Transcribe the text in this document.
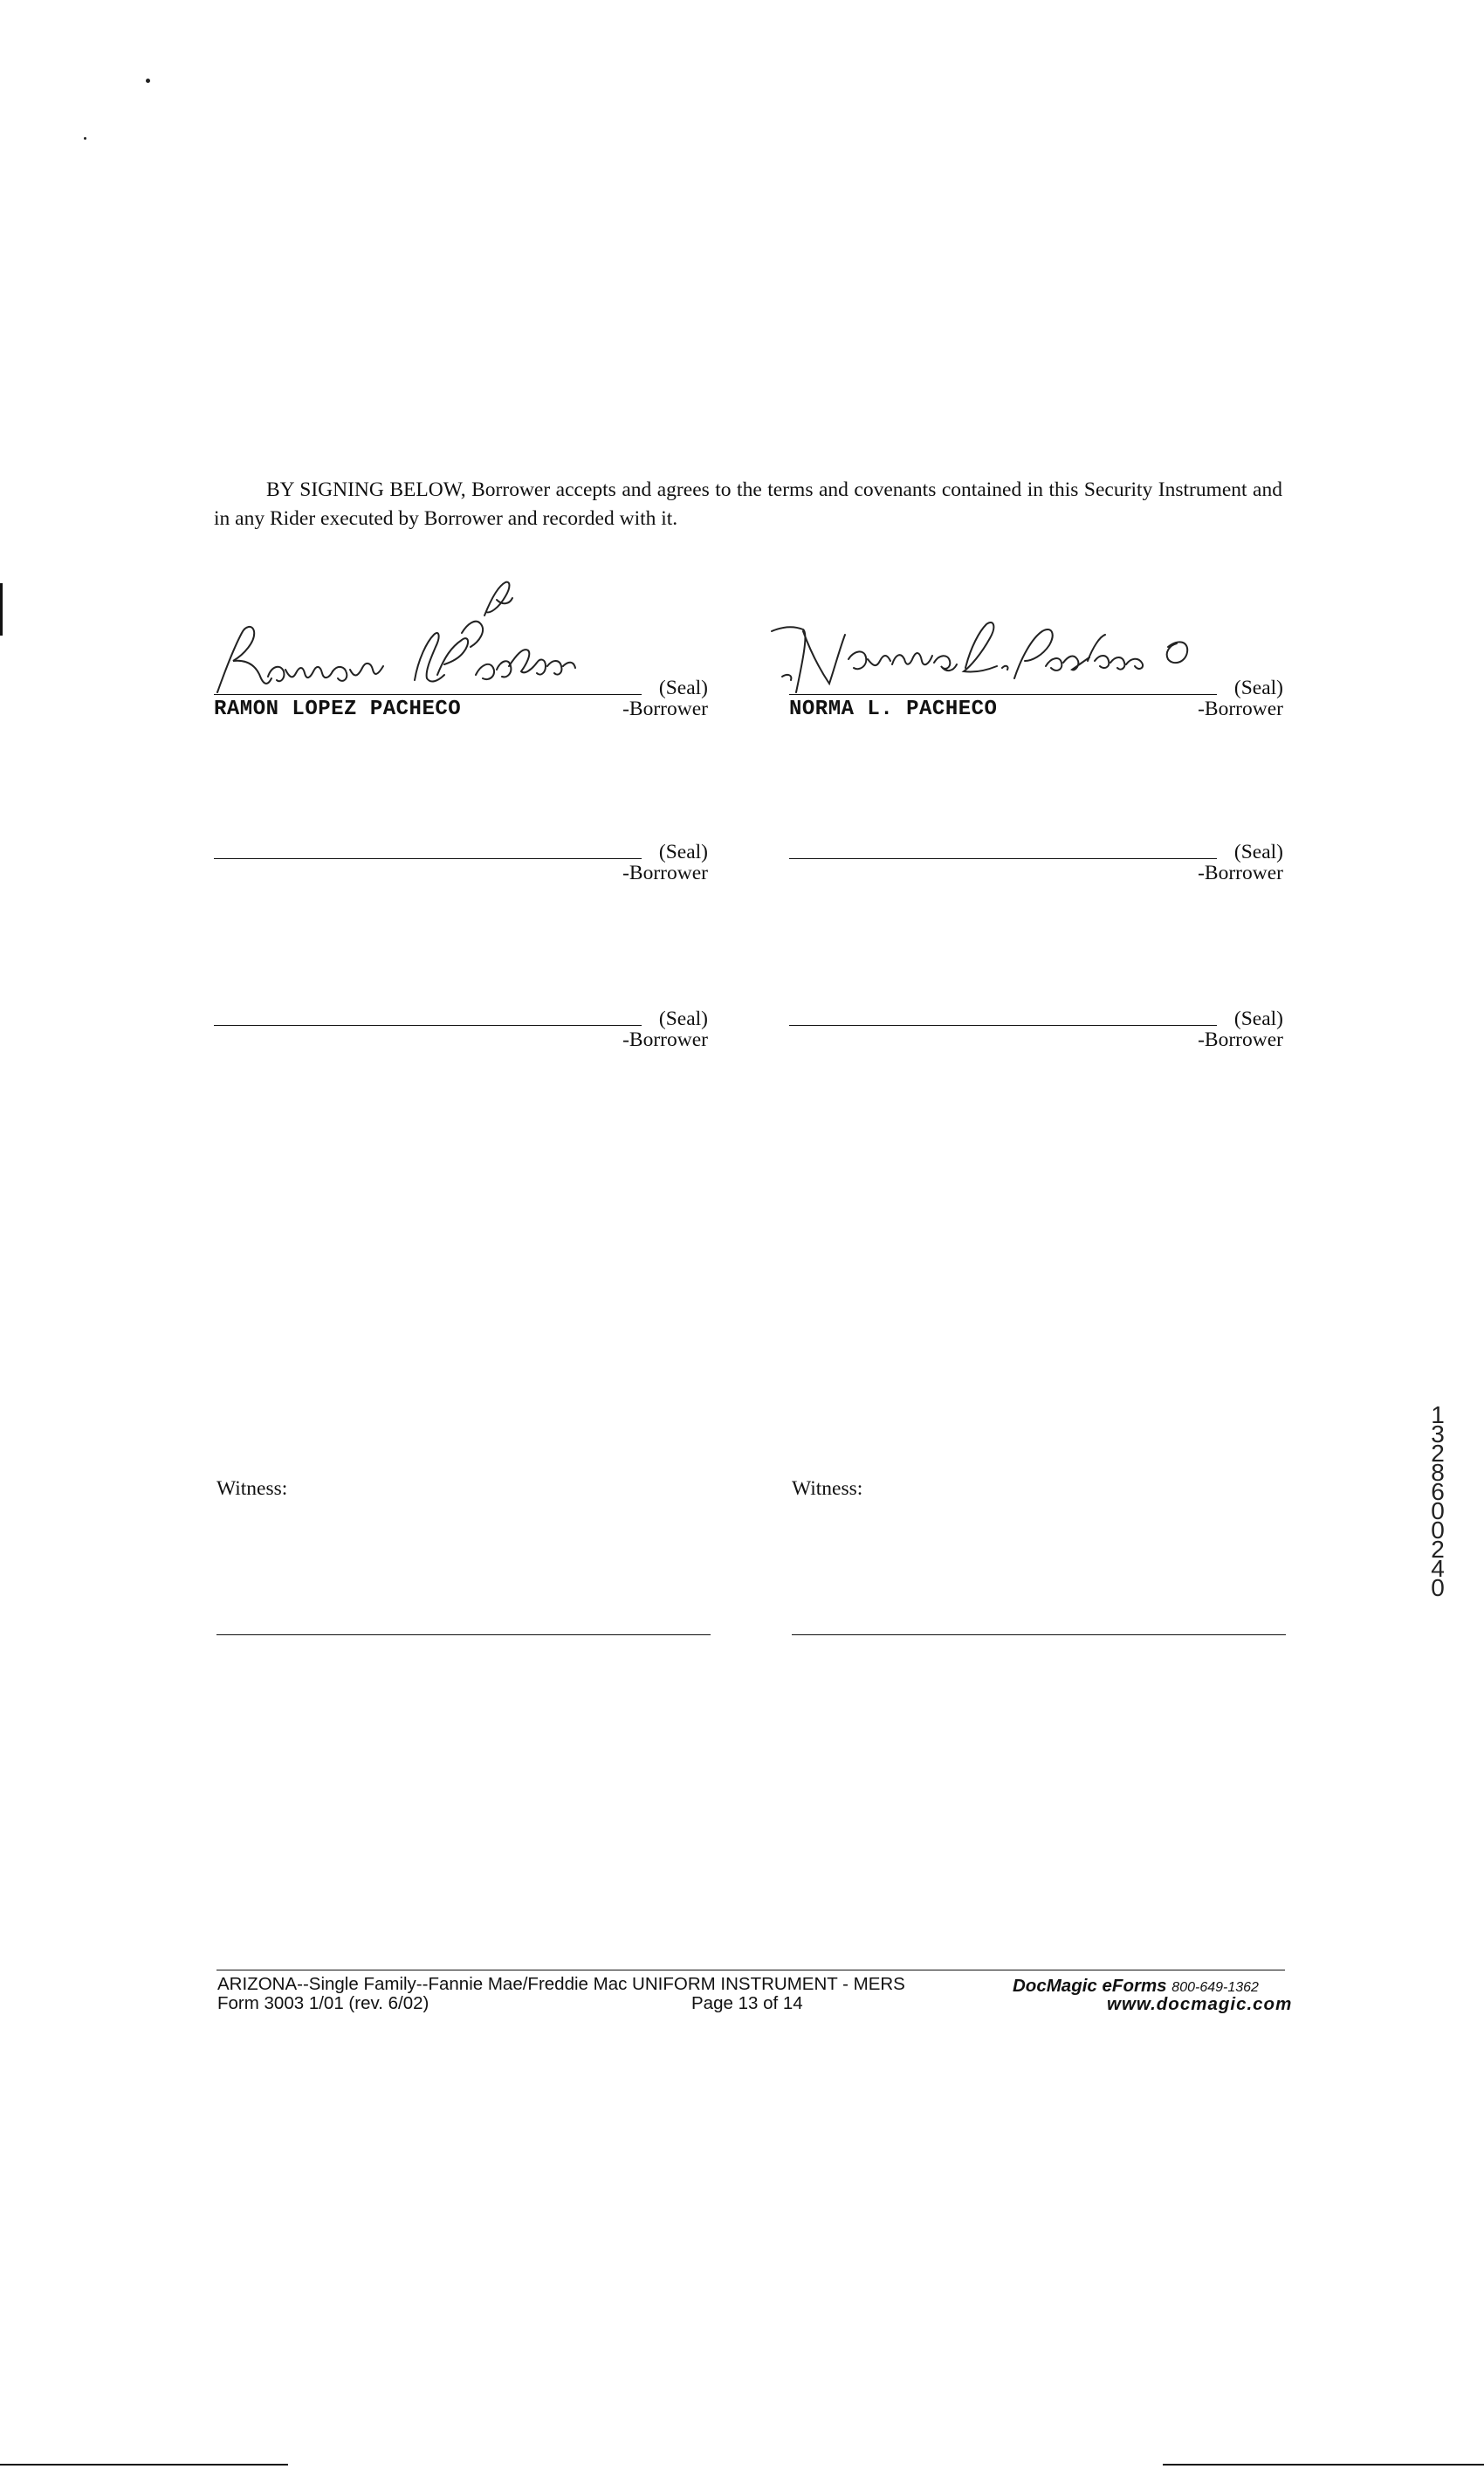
BY SIGNING BELOW, Borrower accepts and agrees to the terms and covenants contained in this Security Instrument and in any Rider executed by Borrower and recorded with it.
(Seal)
RAMON LOPEZ PACHECO	-Borrower
(Seal)
NORMA L. PACHECO	-Borrower
(Seal)
-Borrower
(Seal)
-Borrower
(Seal)
-Borrower
(Seal)
-Borrower
Witness:	Witness:
13286 00240
ARIZONA--Single Family--Fannie Mae/Freddie Mac UNIFORM INSTRUMENT - MERS
Form 3003 1/01 (rev. 6/02)	Page 13 of 14
DocMagic eForms 800-649-1362
www.docmagic.com
